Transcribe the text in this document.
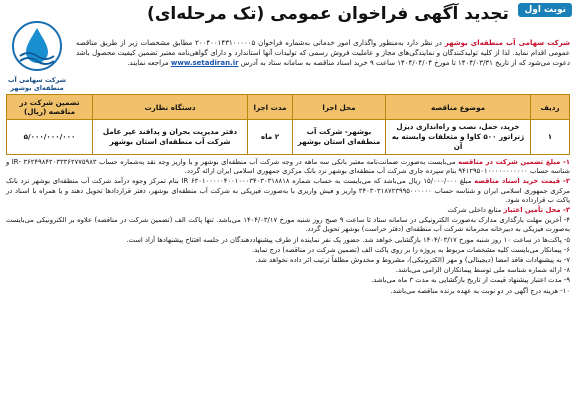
نوبت اول
تجدید آگهی فراخوان عمومی (تک مرحله‌ای)
شرکت سهامی آب منطقه‌ای بوشهر
شرکت سهامی آب منطقه‌ای بوشهر در نظر دارد به‌منظور واگذاری امور خدماتی به‌شماره فراخوان ۲۰۰۴۰۰۱۴۳۱۰۰۰۰۰۵ مطابق مشخصات زیر از طریق مناقصه عمومی اقدام نماید. لذا از کلیه تولیدکنندگان و نمایندگی‌های مجاز و عاملیت فروش رسمی که تولیدات آنها استاندارد و دارای گواهی‌نامه معتبر تضمین کیفیت محصول باشد دعوت می‌شود که از تاریخ ۱۴۰۴/۰۳/۳۱ تا مورخ ۱۴۰۴/۰۴/۰۴ ساعت ۹ خرید اسناد مناقصه به سامانه ستاد به آدرس www.setadiran.ir مراجعه نمایند.
ردیف	موضوع مناقصه	محل اجرا	مدت اجرا	دستگاه نظارت	تضمین شرکت در مناقصه (ریال)
۱	خرید، حمل، نصب و راه‌اندازی دیزل ژنراتور ۵۰۰ کاوا و متعلقات وابسته به آن	بوشهر- شرکت آب منطقه‌ای استان بوشهر	۲ ماه	دفتر مدیریت بحران و پدافند غیر عامل شرکت آب منطقه‌ای استان بوشهر	۵/۰۰۰/۰۰۰/۰۰۰
۱- مبلغ تضمین شرکت در مناقصه می‌بایست به‌صورت ضمانت‌نامه معتبر بانکی سه ماهه در وجه شرکت آب منطقه‌ای بوشهر و یا واریز وجه نقد به‌شماره حساب ۳۶۲۴۹۸۴۲۰۳۳۳۶۲۷۷۵۹۸۳ -IR و شناسه حساب ۹۴۱۲۹۵۰۱۰۰۰۰۰۰۰۰۰۰۰ بنام سپرده جاری شرکت آب منطقه‌ای بوشهر نزد بانک مرکزی جمهوری اسلامی ایران ارائه گردد.
۲- قیمت خرید اسناد مناقصه مبلغ ۱۵/۰۰۰/۰۰۰ ریال می‌باشد که می‌بایست به حساب شماره IR ۶۳۰۱۰۰۰۰۰۴۰۰۱۰۰۰۳۴۰۳۰۳۱۸۸۱۸ بنام تمرکز وجوه درآمد شرکت آب منطقه‌ای بوشهر نزد بانک مرکزی جمهوری اسلامی ایران و شناسه حساب ۳۴۰۳۰۳۱۸۷۲۳۹۹۵۰۰۰۰۰۰ واریز و فیش واریزی با به‌صورت فیزیکی به شرکت آب منطقه‌ای بوشهر، دفتر قراردادها تحویل دهند و یا همراه با اسناد در پاکت ب قرارداده شود.
۳- محل تأمین اعتبار منابع داخلی شرکت
۴- آخرین مهلت بارگذاری مدارک به‌صورت الکترونیکی در سامانه ستاد تا ساعت ۹ صبح روز شنبه مورخ ۱۴۰۴/۰۳/۱۷ می‌باشد. تنها پاکت الف (تضمین شرکت در مناقصه) علاوه بر الکترونیکی می‌بایست به‌صورت فیزیکی به دبیرخانه محرمانه شرکت آب منطقه‌ای (دفتر حراست) بوشهر تحویل گردد.
۵- پاکت‌ها در ساعت ۱۰ روز شنبه مورخ ۱۴۰۴/۰۳/۱۷ بازگشایی خواهد شد. حضور یک نفر نماینده از طرف پیشنهاددهندگان در جلسه افتتاح پیشنهادها آزاد است.
۶- پیمانکار می‌بایست کلیه مشخصات مربوط به پروژه را بر روی پاکت الف (تضمین شرکت در مناقصه) درج نماید.
۷- به پیشنهادات فاقد امضا (دیجیتالی) و مهر (الکترونیکی)، مشروط و مخدوش مطلقاً ترتیب اثر داده نخواهد شد.
۸- ارائه شماره شناسه ملی توسط پیمانکاران الزامی می‌باشد.
۹- مدت اعتبار پیشنهاد قیمت از تاریخ بازگشایی به مدت ۳ ماه می‌باشد.
۱۰- هزینه درج آگهی در دو نوبت به عهده برنده مناقصه می‌باشد.
